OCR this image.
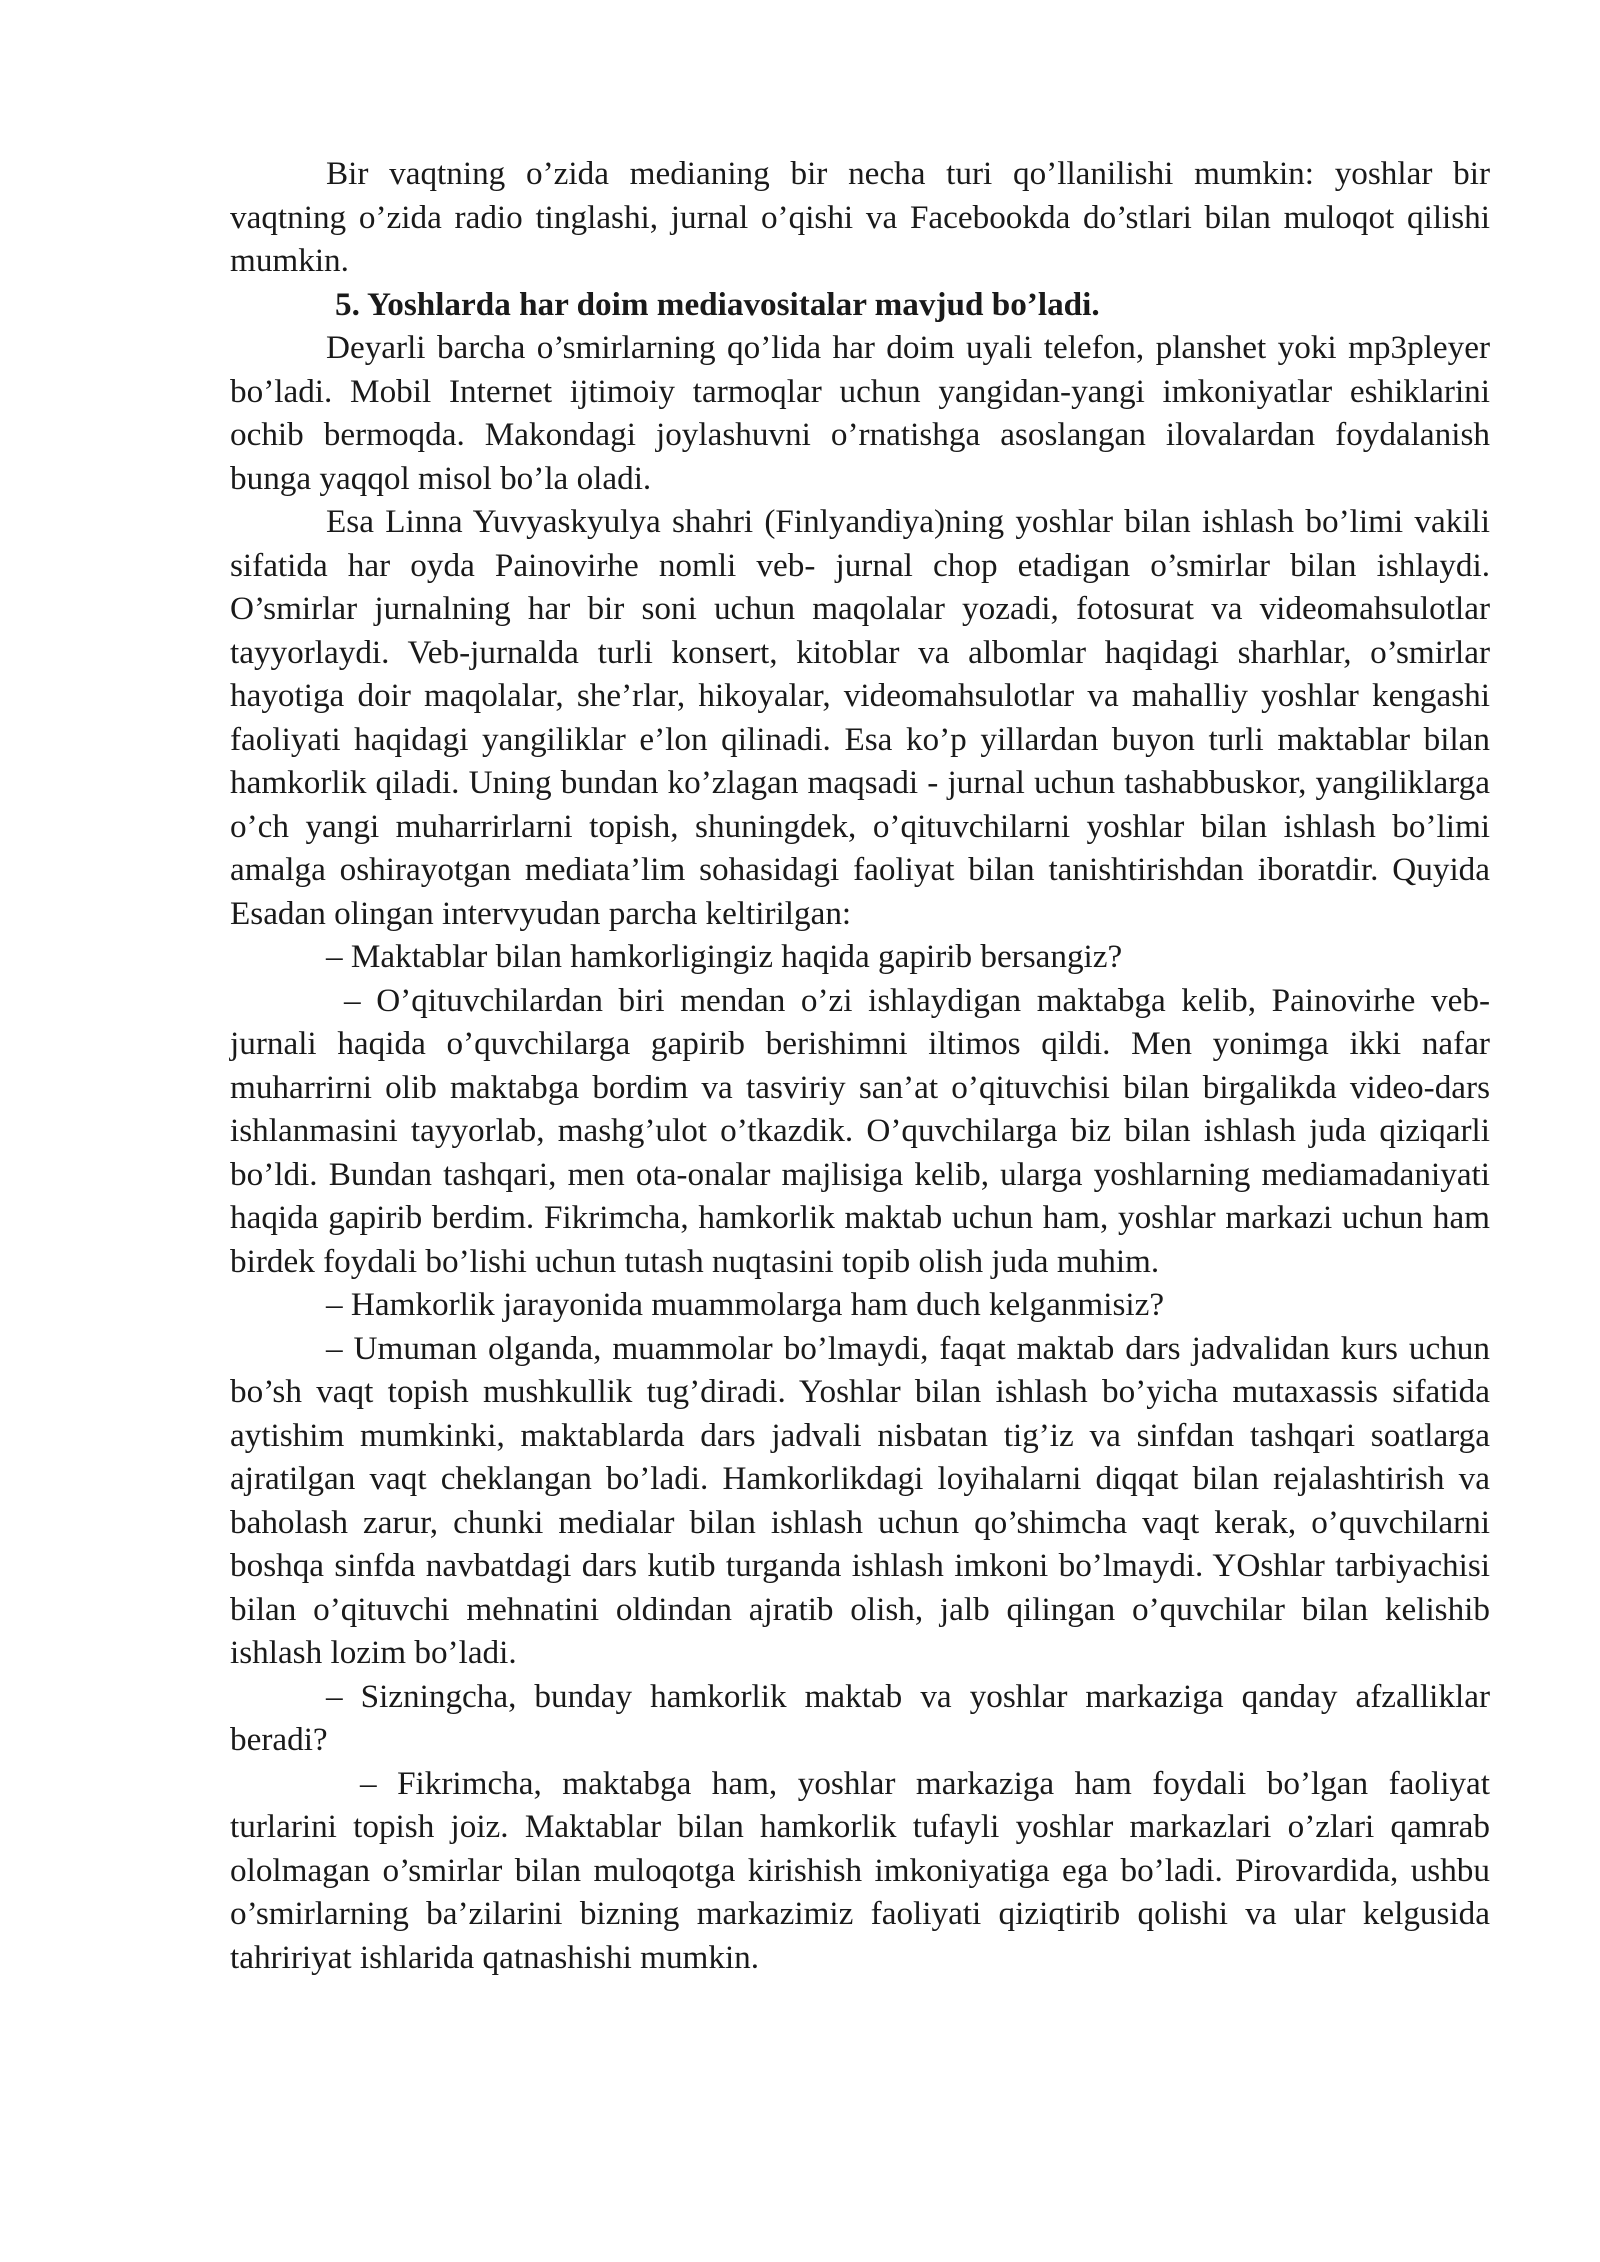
Bir vaqtning o’zida medianing bir necha turi qo’llanilishi mumkin: yoshlar bir vaqtning o’zida radio tinglashi, jurnal o’qishi va Facebookda do’stlari bilan muloqot qilishi mumkin.

5. Yoshlarda har doim mediavositalar mavjud bo’ladi.

Deyarli barcha o’smirlarning qo’lida har doim uyali telefon, planshet yoki mp3pleyer bo’ladi. Mobil Internet ijtimoiy tarmoqlar uchun yangidan-yangi imkoniyatlar eshiklarini ochib bermoqda. Makondagi joylashuvni o’rnatishga asoslangan ilovalardan foydalanish bunga yaqqol misol bo’la oladi.

Esa Linna Yuvyaskyulya shahri (Finlyandiya)ning yoshlar bilan ishlash bo’limi vakili sifatida har oyda Painovirhe nomli veb- jurnal chop etadigan o’smirlar bilan ishlaydi. O’smirlar jurnalning har bir soni uchun maqolalar yozadi, fotosurat va videomahsulotlar tayyorlaydi. Veb-jurnalda turli konsert, kitoblar va albomlar haqidagi sharhlar, o’smirlar hayotiga doir maqolalar, she’rlar, hikoyalar, videomahsulotlar va mahalliy yoshlar kengashi faoliyati haqidagi yangiliklar e’lon qilinadi. Esa ko’p yillardan buyon turli maktablar bilan hamkorlik qiladi. Uning bundan ko’zlagan maqsadi - jurnal uchun tashabbuskor, yangiliklarga o’ch yangi muharrirlarni topish, shuningdek, o’qituvchilarni yoshlar bilan ishlash bo’limi amalga oshirayotgan mediata’lim sohasidagi faoliyat bilan tanishtirishdan iboratdir. Quyida Esadan olingan intervyudan parcha keltirilgan:

– Maktablar bilan hamkorligingiz haqida gapirib bersangiz?

– O’qituvchilardan biri mendan o’zi ishlaydigan maktabga kelib, Painovirhe veb-jurnali haqida o’quvchilarga gapirib berishimni iltimos qildi. Men yonimga ikki nafar muharrirni olib maktabga bordim va tasviriy san’at o’qituvchisi bilan birgalikda video-dars ishlanmasini tayyorlab, mashg’ulot o’tkazdik. O’quvchilarga biz bilan ishlash juda qiziqarli bo’ldi. Bundan tashqari, men ota-onalar majlisiga kelib, ularga yoshlarning mediamadaniyati haqida gapirib berdim. Fikrimcha, hamkorlik maktab uchun ham, yoshlar markazi uchun ham birdek foydali bo’lishi uchun tutash nuqtasini topib olish juda muhim.

– Hamkorlik jarayonida muammolarga ham duch kelganmisiz?

– Umuman olganda, muammolar bo’lmaydi, faqat maktab dars jadvalidan kurs uchun bo’sh vaqt topish mushkullik tug’diradi. Yoshlar bilan ishlash bo’yicha mutaxassis sifatida aytishim mumkinki, maktablarda dars jadvali nisbatan tig’iz va sinfdan tashqari soatlarga ajratilgan vaqt cheklangan bo’ladi. Hamkorlikdagi loyihalarni diqqat bilan rejalashtirish va baholash zarur, chunki medialar bilan ishlash uchun qo’shimcha vaqt kerak, o’quvchilarni boshqa sinfda navbatdagi dars kutib turganda ishlash imkoni bo’lmaydi. YOshlar tarbiyachisi bilan o’qituvchi mehnatini oldindan ajratib olish, jalb qilingan o’quvchilar bilan kelishib ishlash lozim bo’ladi.

– Sizningcha, bunday hamkorlik maktab va yoshlar markaziga qanday afzalliklar beradi?

– Fikrimcha, maktabga ham, yoshlar markaziga ham foydali bo’lgan faoliyat turlarini topish joiz. Maktablar bilan hamkorlik tufayli yoshlar markazlari o’zlari qamrab ololmagan o’smirlar bilan muloqotga kirishish imkoniyatiga ega bo’ladi. Pirovardida, ushbu o’smirlarning ba’zilarini bizning markazimiz faoliyati qiziqtirib qolishi va ular kelgusida tahririyat ishlarida qatnashishi mumkin.
